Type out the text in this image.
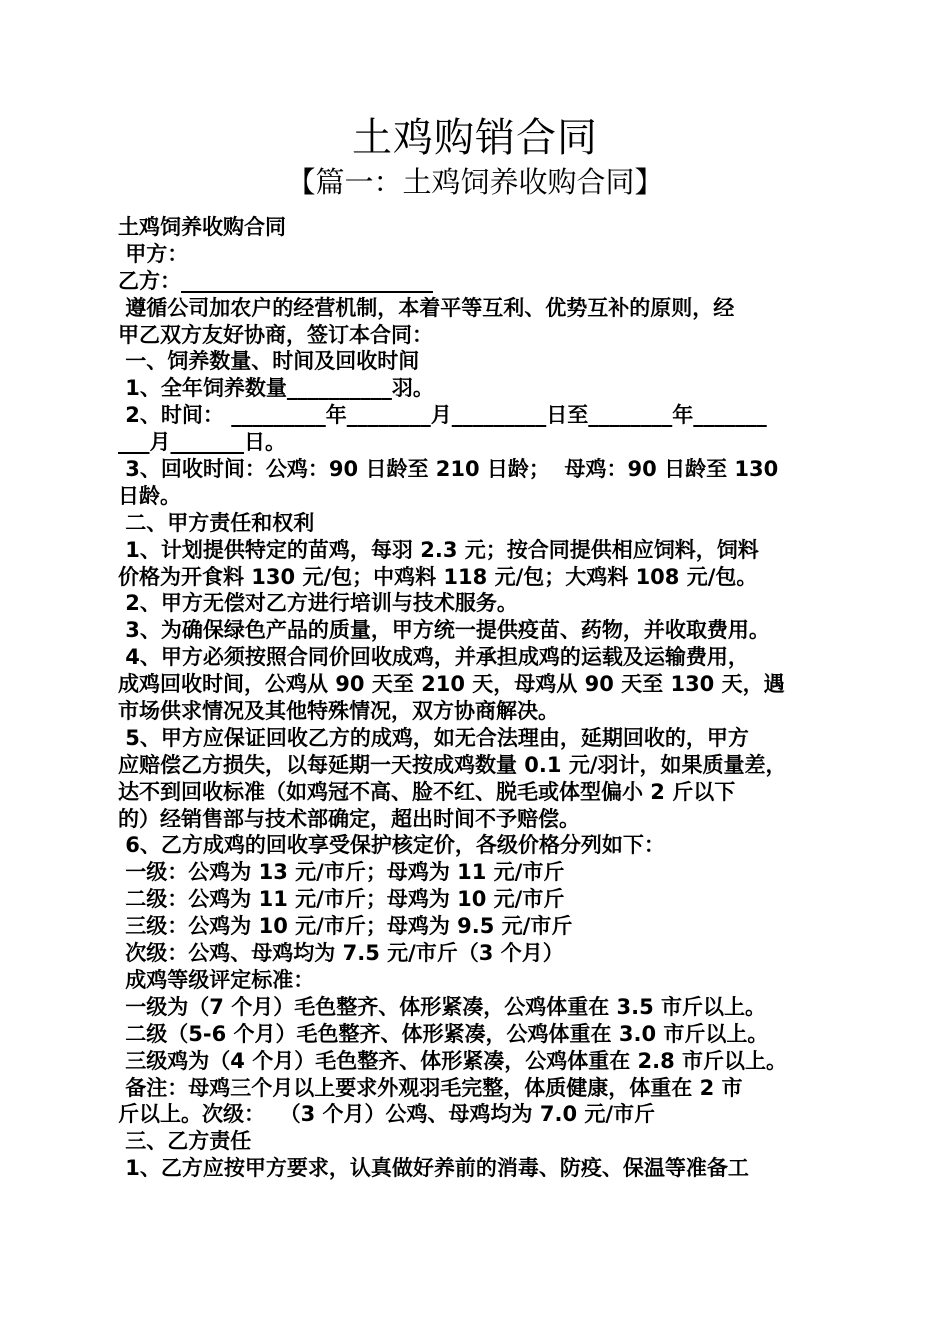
土鸡购销合同
【篇一：土鸡饲养收购合同】
土鸡饲养收购合同
甲方：
乙方：________________________
遵循公司加农户的经营机制，本着平等互利、优势互补的原则，经
甲乙双方友好协商，签订本合同：
一、饲养数量、时间及回收时间
1、全年饲养数量__________羽。
2、时间： _________年________月_________日至________年_______
___月_______日。
3、回收时间：公鸡：90 日龄至 210 日龄；  母鸡：90 日龄至 130
日龄。
二、甲方责任和权利
1、计划提供特定的苗鸡，每羽 2.3 元；按合同提供相应饲料，饲料
价格为开食料 130 元/包；中鸡料 118 元/包；大鸡料 108 元/包。
2、甲方无偿对乙方进行培训与技术服务。
3、为确保绿色产品的质量，甲方统一提供疫苗、药物，并收取费用。
4、甲方必须按照合同价回收成鸡，并承担成鸡的运载及运输费用，
成鸡回收时间，公鸡从 90 天至 210 天，母鸡从 90 天至 130 天，遇
市场供求情况及其他特殊情况，双方协商解决。
5、甲方应保证回收乙方的成鸡，如无合法理由，延期回收的，甲方
应赔偿乙方损失，以每延期一天按成鸡数量 0.1 元/羽计，如果质量差，
达不到回收标准（如鸡冠不高、脸不红、脱毛或体型偏小 2 斤以下
的）经销售部与技术部确定，超出时间不予赔偿。
6、乙方成鸡的回收享受保护核定价，各级价格分列如下：
一级：公鸡为 13 元/市斤；母鸡为 11 元/市斤
二级：公鸡为 11 元/市斤；母鸡为 10 元/市斤
三级：公鸡为 10 元/市斤；母鸡为 9.5 元/市斤
次级：公鸡、母鸡均为 7.5 元/市斤（3 个月）
成鸡等级评定标准：
一级为（7 个月）毛色整齐、体形紧凑，公鸡体重在 3.5 市斤以上。
二级（5-6 个月）毛色整齐、体形紧凑，公鸡体重在 3.0 市斤以上。
三级鸡为（4 个月）毛色整齐、体形紧凑，公鸡体重在 2.8 市斤以上。
备注：母鸡三个月以上要求外观羽毛完整，体质健康，体重在 2 市
斤以上。次级：  （3 个月）公鸡、母鸡均为 7.0 元/市斤
三、乙方责任
1、乙方应按甲方要求，认真做好养前的消毒、防疫、保温等准备工
